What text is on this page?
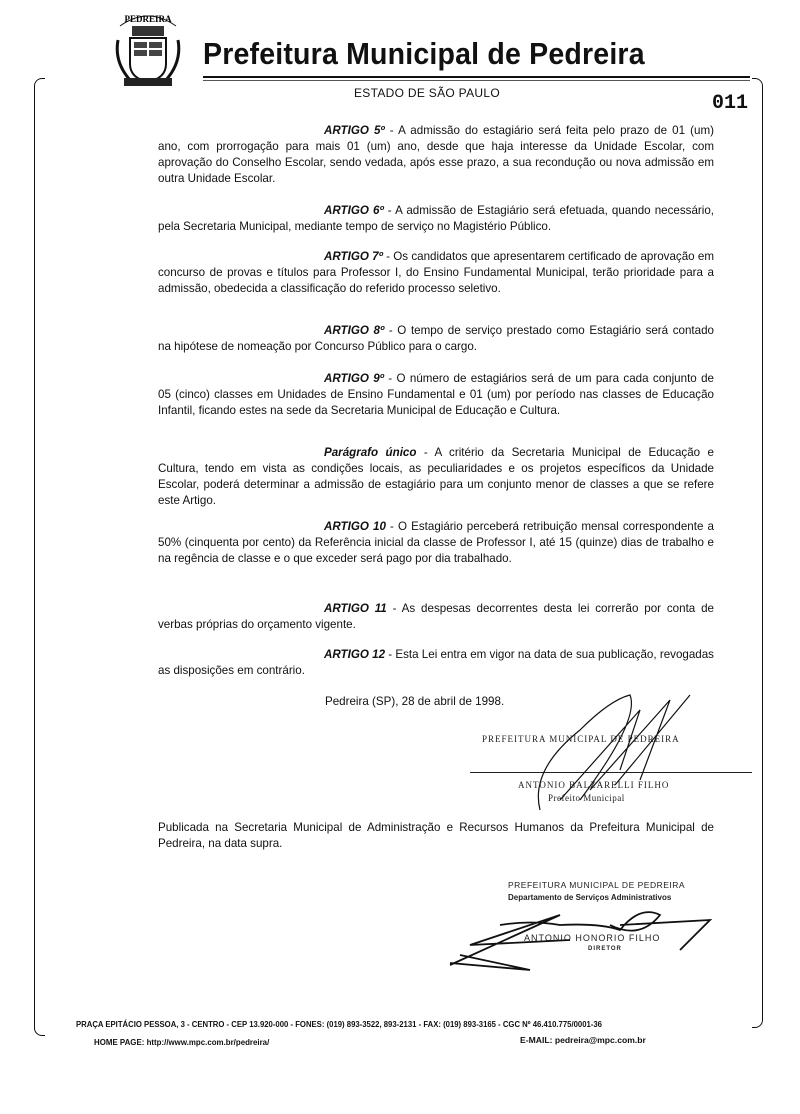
PEDREIRA
Prefeitura Municipal de Pedreira
ESTADO DE SÃO PAULO	011

ARTIGO 5º - A admissão do estagiário será feita pelo prazo de 01 (um) ano, com prorrogação para mais 01 (um) ano, desde que haja interesse da Unidade Escolar, com aprovação do Conselho Escolar, sendo vedada, após esse prazo, a sua recondução ou nova admissão em outra Unidade Escolar.

ARTIGO 6º - A admissão de Estagiário será efetuada, quando necessário, pela Secretaria Municipal, mediante tempo de serviço no Magistério Público.

ARTIGO 7º - Os candidatos que apresentarem certificado de aprovação em concurso de provas e títulos para Professor I, do Ensino Fundamental Municipal, terão prioridade para a admissão, obedecida a classificação do referido processo seletivo.

ARTIGO 8º - O tempo de serviço prestado como Estagiário será contado na hipótese de nomeação por Concurso Público para o cargo.

ARTIGO 9º - O número de estagiários será de um para cada conjunto de 05 (cinco) classes em Unidades de Ensino Fundamental e 01 (um) por período nas classes de Educação Infantil, ficando estes na sede da Secretaria Municipal de Educação e Cultura.

Parágrafo único - A critério da Secretaria Municipal de Educação e Cultura, tendo em vista as condições locais, as peculiaridades e os projetos específicos da Unidade Escolar, poderá determinar a admissão de estagiário para um conjunto menor de classes a que se refere este Artigo.

ARTIGO 10 - O Estagiário perceberá retribuição mensal correspondente a 50% (cinquenta por cento) da Referência inicial da classe de Professor I, até 15 (quinze) dias de trabalho e na regência de classe e o que exceder será pago por dia trabalhado.

ARTIGO 11 - As despesas decorrentes desta lei correrão por conta de verbas próprias do orçamento vigente.

ARTIGO 12 - Esta Lei entra em vigor na data de sua publicação, revogadas as disposições em contrário.

Pedreira (SP), 28 de abril de 1998.
PREFEITURA MUNICIPAL DE PEDREIRA
ANTONIO BALZARELLI FILHO
Prefeito Municipal
Publicada na Secretaria Municipal de Administração e Recursos Humanos da Prefeitura Municipal de Pedreira, na data supra.
PREFEITURA MUNICIPAL DE PEDREIRA
Departamento de Serviços Administrativos
ANTONIO HONORIO FILHO
DIRETOR
PRAÇA EPITÁCIO PESSOA, 3 - CENTRO - CEP 13.920-000 - FONES: (019) 893-3522, 893-2131 - FAX: (019) 893-3165 - CGC Nº 46.410.775/0001-36
HOME PAGE: http://www.mpc.com.br/pedreira/	E-MAIL: pedreira@mpc.com.br
